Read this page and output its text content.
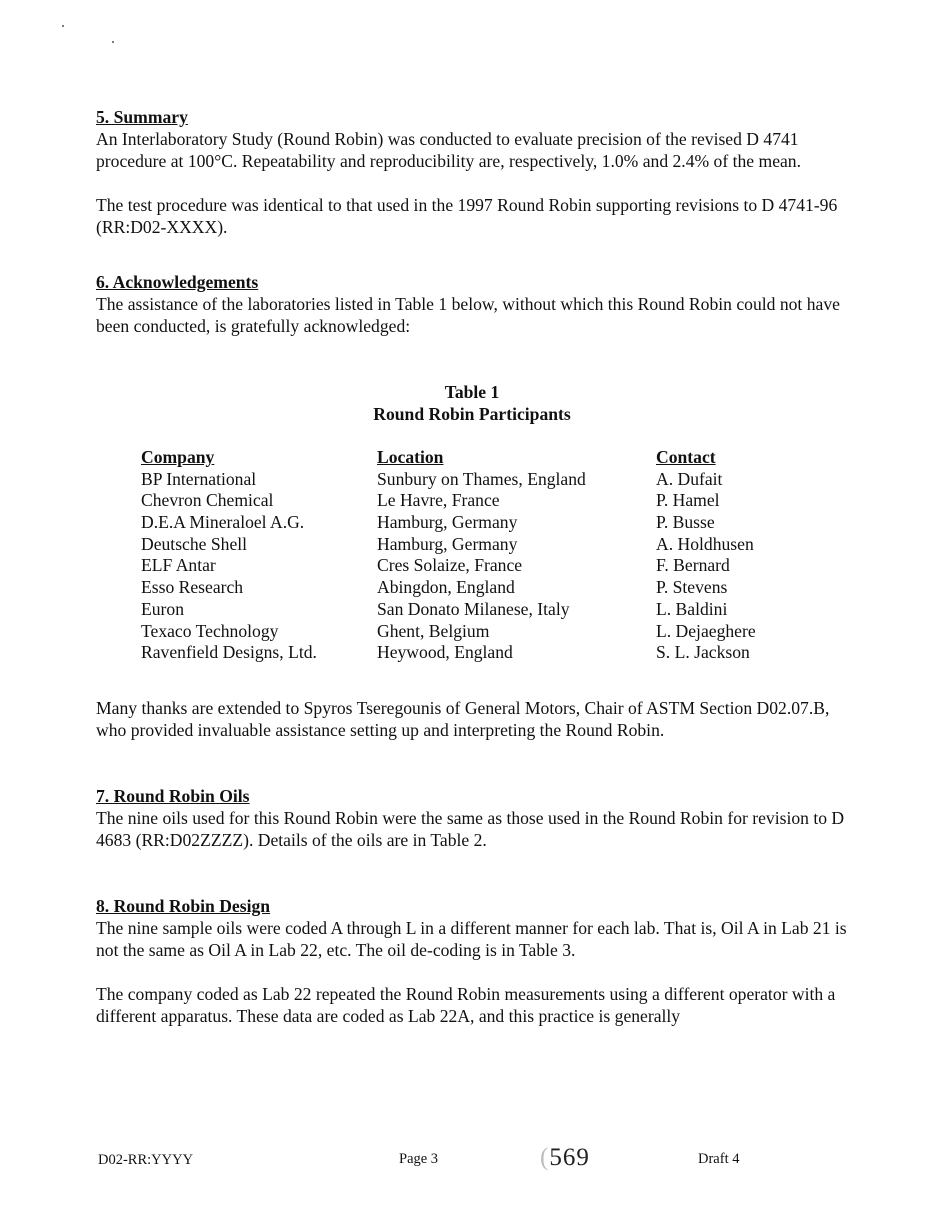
5. Summary

An Interlaboratory Study (Round Robin) was conducted to evaluate precision of the revised D 4741 procedure at 100°C. Repeatability and reproducibility are, respectively, 1.0% and 2.4% of the mean.

The test procedure was identical to that used in the 1997 Round Robin supporting revisions to D 4741-96 (RR:D02-XXXX).

6. Acknowledgements

The assistance of the laboratories listed in Table 1 below, without which this Round Robin could not have been conducted, is gratefully acknowledged:

Table 1

Round Robin Participants

Company	Location	Contact
BP International	Sunbury on Thames, England	A. Dufait
Chevron Chemical	Le Havre, France	P. Hamel
D.E.A Mineraloel A.G.	Hamburg, Germany	P. Busse
Deutsche Shell	Hamburg, Germany	A. Holdhusen
ELF Antar	Cres Solaize, France	F. Bernard
Esso Research	Abingdon, England	P. Stevens
Euron	San Donato Milanese, Italy	L. Baldini
Texaco Technology	Ghent, Belgium	L. Dejaeghere
Ravenfield Designs, Ltd.	Heywood, England	S. L. Jackson

Many thanks are extended to Spyros Tseregounis of General Motors, Chair of ASTM Section D02.07.B, who provided invaluable assistance setting up and interpreting the Round Robin.

7. Round Robin Oils

The nine oils used for this Round Robin were the same as those used in the Round Robin for revision to D 4683 (RR:D02ZZZZ). Details of the oils are in Table 2.

8. Round Robin Design

The nine sample oils were coded A through L in a different manner for each lab. That is, Oil A in Lab 21 is not the same as Oil A in Lab 22, etc. The oil de-coding is in Table 3.

The company coded as Lab 22 repeated the Round Robin measurements using a different operator with a different apparatus. These data are coded as Lab 22A, and this practice is generally

D02-RR:YYYY	Page 3	(569	Draft 4
